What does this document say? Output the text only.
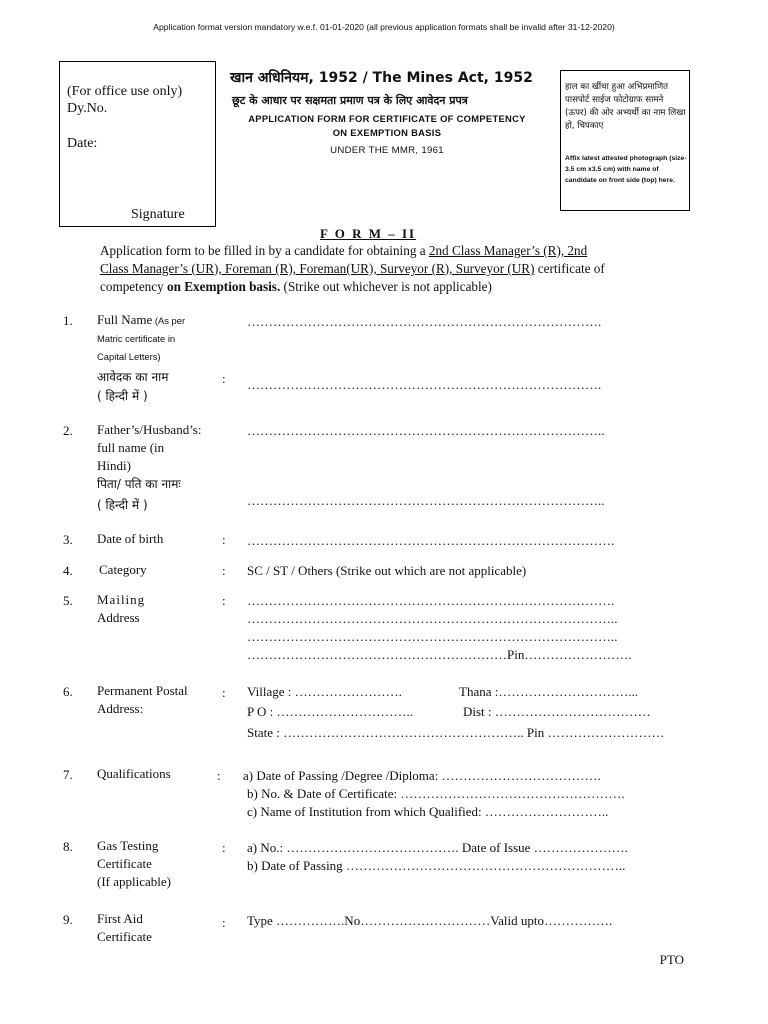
Application format version mandatory w.e.f. 01-01-2020 (all previous application formats shall be invalid after 31-12-2020)
(For office use only)
Dy.No.
Date:
Signature
खान अधिनियम, 1952 / The Mines Act, 1952
छूट के आधार पर सक्षमता प्रमाण पत्र के लिए आवेदन प्रपत्र
APPLICATION FORM FOR CERTIFICATE OF COMPETENCY
ON EXEMPTION BASIS
UNDER THE MMR, 1961
हाल का खींचा हुआ अभिप्रमाणित पासपोर्ट साईज फोटोग्राफ सामने (ऊपर) की ओर अभ्यर्थी का नाम लिखा हो, चिपकाए
Affix latest attested photograph (size-3.5 cm x3.5 cm) with name of candidate on front side (top) here.
F O R M – II
Application form to be filled in by a candidate for obtaining a 2nd Class Manager’s (R), 2nd
Class Manager’s (UR), Foreman (R), Foreman(UR), Surveyor (R), Surveyor (UR) certificate of
competency on Exemption basis. (Strike out whichever is not applicable)
1. Full Name (As per
Matric certificate in
Capital Letters)
……………………………………………………………………….
आवेदक का नाम	:
( हिन्दी में )
……………………………………………………………………….
2. Father’s/Husband’s:
full name (in
Hindi)
………………………………………………………………………..
पिता/ पति का नामः
( हिन्दी में )	………………………………………………………………………..
3. Date of birth	: ………………………………………………………………………….
4. Category	: SC / ST / Others (Strike out which are not applicable)
5. Mailing
Address
: ………………………………………………………………………….
…………………………………………………………………………..
…………………………………………………………………………..
……………………………………………………Pin…………………….
6. Permanent Postal
Address:
: Village : …………………….	Thana :…………………………...
P O : …………………………..	Dist : ………………………………
State : ……………………………………………….. Pin ………………………
7. Qualifications	: a) Date of Passing /Degree /Diploma: ……………………………….
b) No. & Date of Certificate: …………………………………………….
c) Name of Institution from which Qualified: ………………………..
8. Gas Testing
Certificate
(If applicable)
: a) No.: …………………………………. Date of Issue ………………….
b) Date of Passing ………………………………………………………..
9. First Aid
Certificate
: Type …………….No…………………………Valid upto…………….
PTO
